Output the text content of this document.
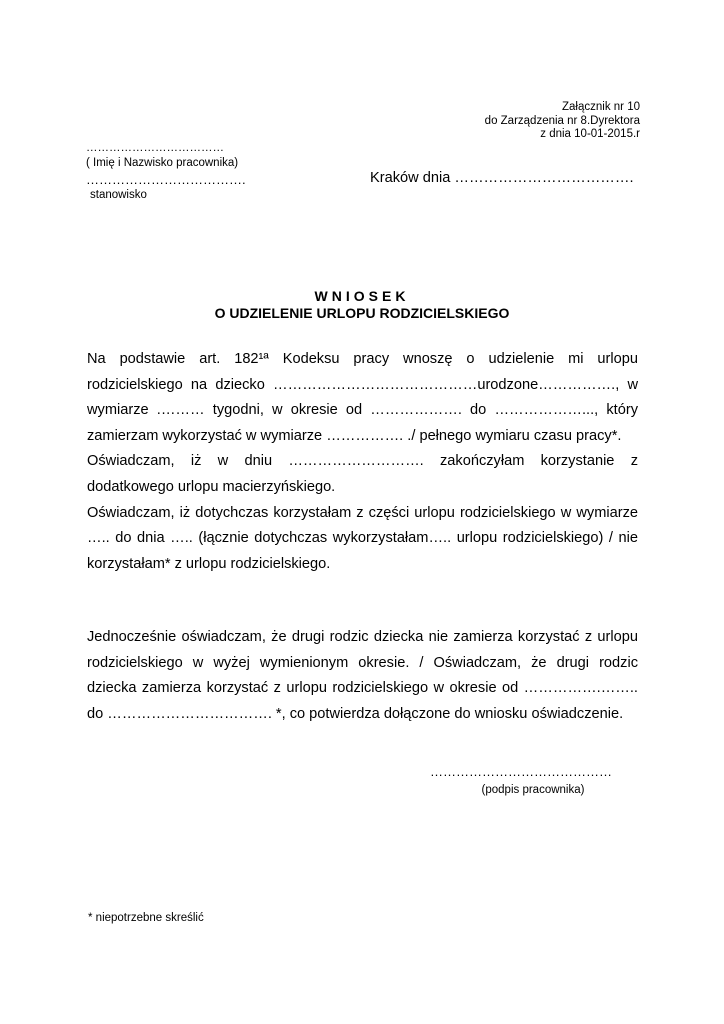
Załącznik nr 10
do Zarządzenia nr 8.Dyrektora
z dnia 10-01-2015.r
………………………………
( Imię i Nazwisko pracownika)
……………………………….
stanowisko
Kraków dnia ……………………………….
WNIOSEK
O UDZIELENIE URLOPU RODZICIELSKIEGO

Na podstawie art. 182¹ª Kodeksu pracy wnoszę o udzielenie mi urlopu

rodzicielskiego na dziecko ……………………………………urodzone……………., w

wymiarze .……… tygodni, w okresie od ………………. do ………………..., który

zamierzam wykorzystać w wymiarze ……………. ./ pełnego wymiaru czasu pracy*.

Oświadczam, iż w dniu ………………………. zakończyłam korzystanie z

dodatkowego urlopu macierzyńskiego.

Oświadczam, iż dotychczas korzystałam z części urlopu rodzicielskiego w wymiarze

….. do dnia ….. (łącznie dotychczas wykorzystałam….. urlopu rodzicielskiego) / nie

korzystałam* z urlopu rodzicielskiego.

Jednocześnie oświadczam, że drugi rodzic dziecka nie zamierza korzystać z urlopu

rodzicielskiego w wyżej wymienionym okresie. / Oświadczam, że drugi rodzic

dziecka zamierza korzystać z urlopu rodzicielskiego w okresie od …………….……..

do ……………………………. *, co potwierdza dołączone do wniosku oświadczenie.

……………………………………
(podpis pracownika)
* niepotrzebne skreślić
